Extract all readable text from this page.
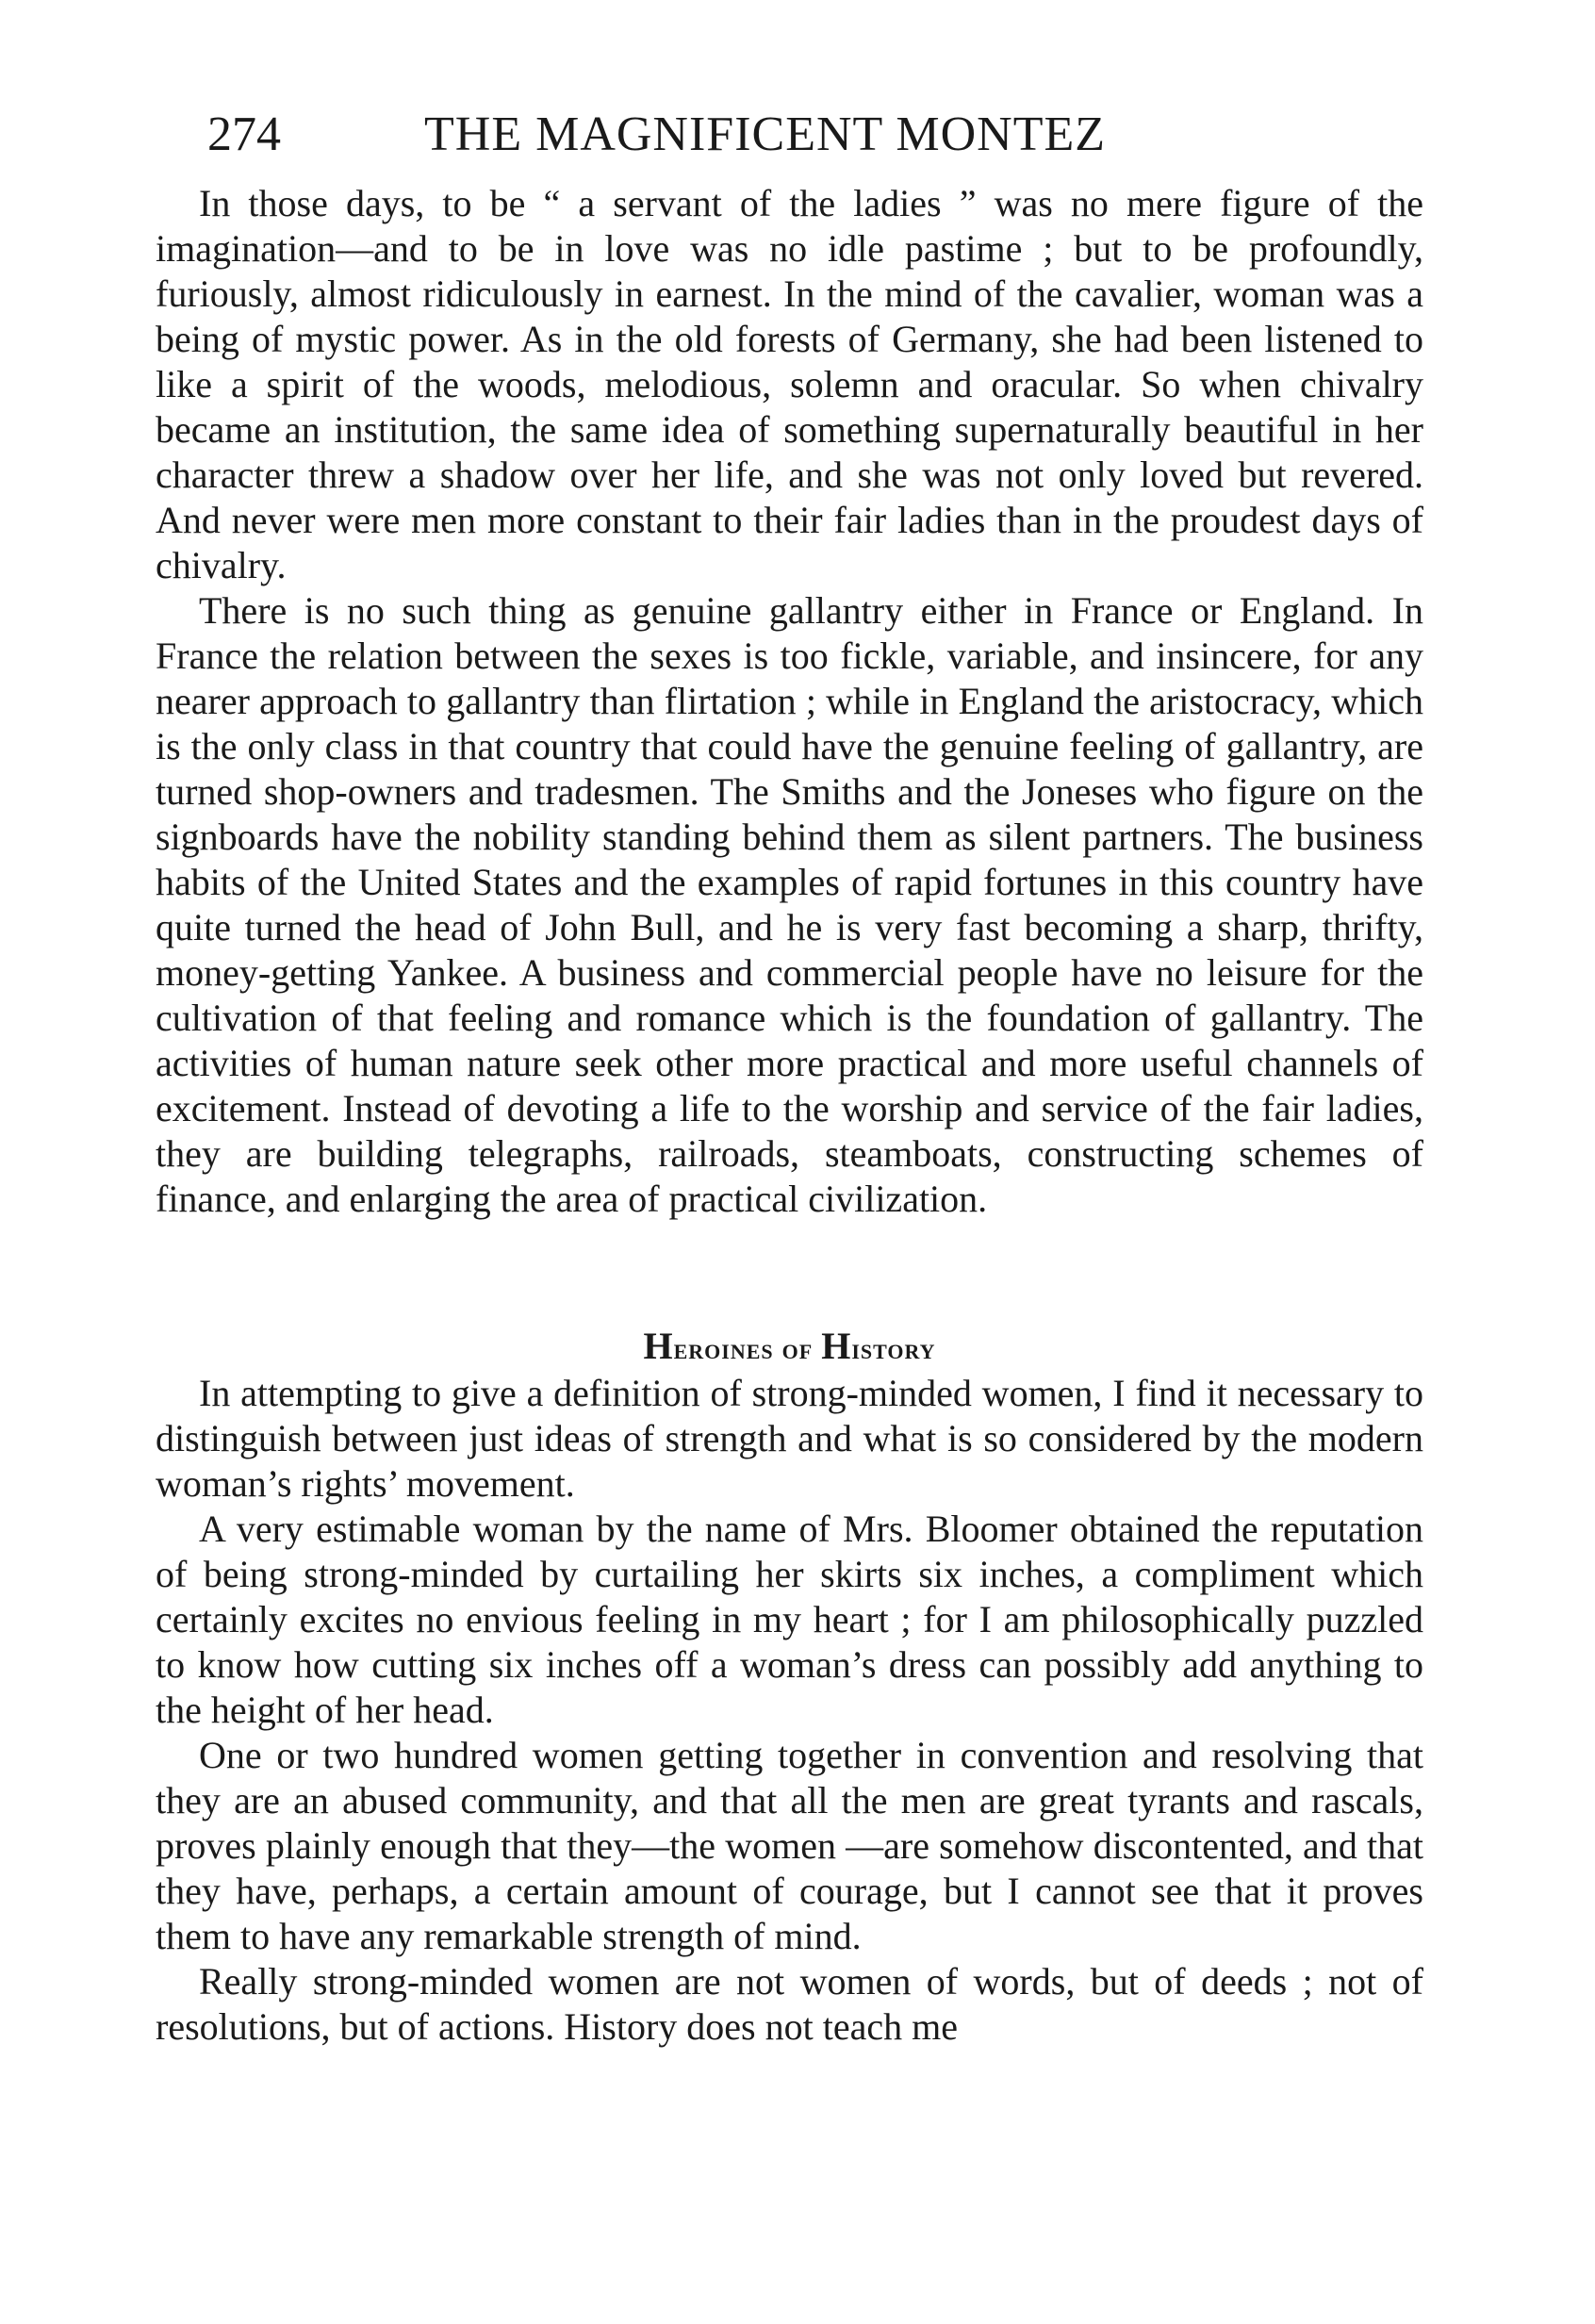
274	THE MAGNIFICENT MONTEZ

In those days, to be “ a servant of the ladies ” was no mere figure of the imagination—and to be in love was no idle pastime ; but to be profoundly, furiously, almost ridiculously in earnest. In the mind of the cavalier, woman was a being of mystic power. As in the old forests of Germany, she had been listened to like a spirit of the woods, melodious, solemn and oracular. So when chivalry became an institution, the same idea of something supernaturally beautiful in her character threw a shadow over her life, and she was not only loved but revered. And never were men more constant to their fair ladies than in the proudest days of chivalry.

There is no such thing as genuine gallantry either in France or England. In France the relation between the sexes is too fickle, variable, and insincere, for any nearer approach to gallantry than flirtation ; while in England the aristocracy, which is the only class in that country that could have the genuine feeling of gallantry, are turned shop-owners and tradesmen. The Smiths and the Joneses who figure on the signboards have the nobility standing behind them as silent partners. The business habits of the United States and the examples of rapid fortunes in this country have quite turned the head of John Bull, and he is very fast becoming a sharp, thrifty, money-getting Yankee. A business and commercial people have no leisure for the cultivation of that feeling and romance which is the foundation of gallantry. The activities of human nature seek other more practical and more useful channels of excitement. Instead of devoting a life to the worship and service of the fair ladies, they are building telegraphs, railroads, steamboats, constructing schemes of finance, and enlarging the area of practical civilization.

Heroines of History

In attempting to give a definition of strong-minded women, I find it necessary to distinguish between just ideas of strength and what is so considered by the modern woman’s rights’ movement.

A very estimable woman by the name of Mrs. Bloomer obtained the reputation of being strong-minded by curtailing her skirts six inches, a compliment which certainly excites no envious feeling in my heart ; for I am philosophically puzzled to know how cutting six inches off a woman’s dress can possibly add anything to the height of her head.

One or two hundred women getting together in convention and resolving that they are an abused community, and that all the men are great tyrants and rascals, proves plainly enough that they—the women —are somehow discontented, and that they have, perhaps, a certain amount of courage, but I cannot see that it proves them to have any remarkable strength of mind.

Really strong-minded women are not women of words, but of deeds ; not of resolutions, but of actions. History does not teach me
